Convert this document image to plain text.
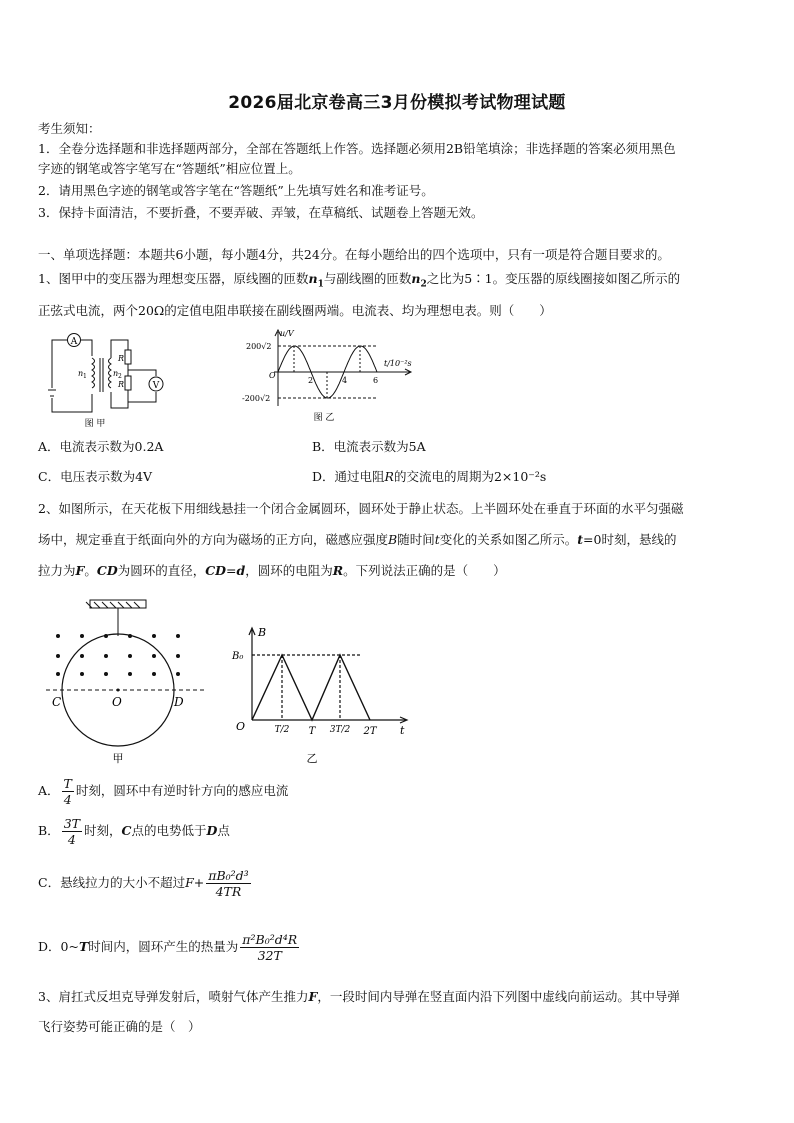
2026届北京卷高三3月份模拟考试物理试题
考生须知：
1．全卷分选择题和非选择题两部分，全部在答题纸上作答。选择题必须用2B铅笔填涂；非选择题的答案必须用黑色
字迹的钢笔或答字笔写在“答题纸”相应位置上。
2．请用黑色字迹的钢笔或答字笔在“答题纸”上先填写姓名和准考证号。
3．保持卡面清洁，不要折叠，不要弄破、弄皱，在草稿纸、试题卷上答题无效。
一、单项选择题：本题共6小题，每小题4分，共24分。在每小题给出的四个选项中，只有一项是符合题目要求的。
1、图甲中的变压器为理想变压器，原线圈的匝数$n_1$与副线圈的匝数$n_2$之比为5∶1。变压器的原线圈接如图乙所示的
正弦式电流，两个20Ω的定值电阻串联接在副线圈两端。电流表、均为理想电表。则（　　）
A
V
n 1	n 2
R
R
图 甲
u/V
t/10⁻²s
200√2
-200√2
O
2	4	6
图 乙
A．电流表示数为0.2A	B．电流表示数为5A
C．电压表示数为4V	D．通过电阻R的交流电的周期为2×10⁻²s
2、如图所示，在天花板下用细线悬挂一个闭合金属圆环，圆环处于静止状态。上半圆环处在垂直于环面的水平匀强磁
场中，规定垂直于纸面向外的方向为磁场的正方向，磁感应强度B随时间t变化的关系如图乙所示。t=0时刻，悬线的
拉力为F。CD为圆环的直径，CD=d，圆环的电阻为R。下列说法正确的是（　　）
C	O	D
甲
B
B₀
O	T/2 T 3T/2 2T t
乙
A． $\frac{T}{4}$ 时刻，圆环中有逆时针方向的感应电流
B． $\frac{3T}{4}$ 时刻，C点的电势低于D点
C．悬线拉力的大小不超过$F+ \frac{\text{πB₀²d³}}{4TR}$
D．0~T时间内，圆环产生的热量为 $\frac{\text{π²B₀²d⁴R}}{32T}$
3、肩扛式反坦克导弹发射后，喷射气体产生推力F，一段时间内导弹在竖直面内沿下列图中虚线向前运动。其中导弹
飞行姿势可能正确的是（　）
